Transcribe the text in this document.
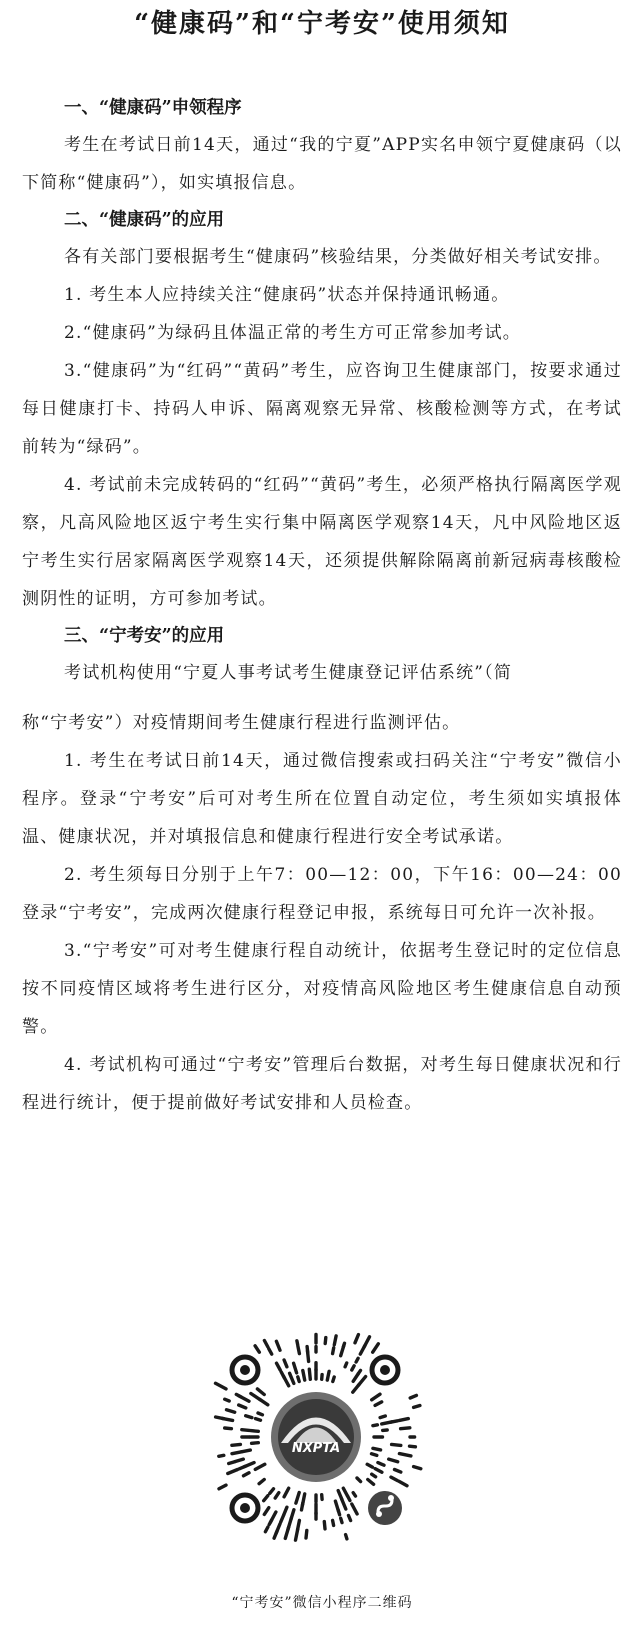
“健康码”和“宁考安”使用须知

一、“健康码”申领程序

考生在考试日前14天，通过“我的宁夏”APP实名申领宁夏健康码（以下简称“健康码”），如实填报信息。

二、“健康码”的应用

各有关部门要根据考生“健康码”核验结果，分类做好相关考试安排。

1. 考生本人应持续关注“健康码”状态并保持通讯畅通。

2.“健康码”为绿码且体温正常的考生方可正常参加考试。

3.“健康码”为“红码”“黄码”考生，应咨询卫生健康部门，按要求通过每日健康打卡、持码人申诉、隔离观察无异常、核酸检测等方式，在考试前转为“绿码”。

4. 考试前未完成转码的“红码”“黄码”考生，必须严格执行隔离医学观察，凡高风险地区返宁考生实行集中隔离医学观察14天，凡中风险地区返宁考生实行居家隔离医学观察14天，还须提供解除隔离前新冠病毒核酸检测阴性的证明，方可参加考试。

三、“宁考安”的应用

考试机构使用“宁夏人事考试考生健康登记评估系统”（简

称“宁考安”）对疫情期间考生健康行程进行监测评估。

1. 考生在考试日前14天，通过微信搜索或扫码关注“宁考安”微信小程序。登录“宁考安”后可对考生所在位置自动定位，考生须如实填报体温、健康状况，并对填报信息和健康行程进行安全考试承诺。

2. 考生须每日分别于上午7：00—12：00，下午16：00—24：00登录“宁考安”，完成两次健康行程登记申报，系统每日可允许一次补报。

3.“宁考安”可对考生健康行程自动统计，依据考生登记时的定位信息按不同疫情区域将考生进行区分，对疫情高风险地区考生健康信息自动预警。

4. 考试机构可通过“宁考安”管理后台数据，对考生每日健康状况和行程进行统计，便于提前做好考试安排和人员检查。

NXPTA
“宁考安”微信小程序二维码
